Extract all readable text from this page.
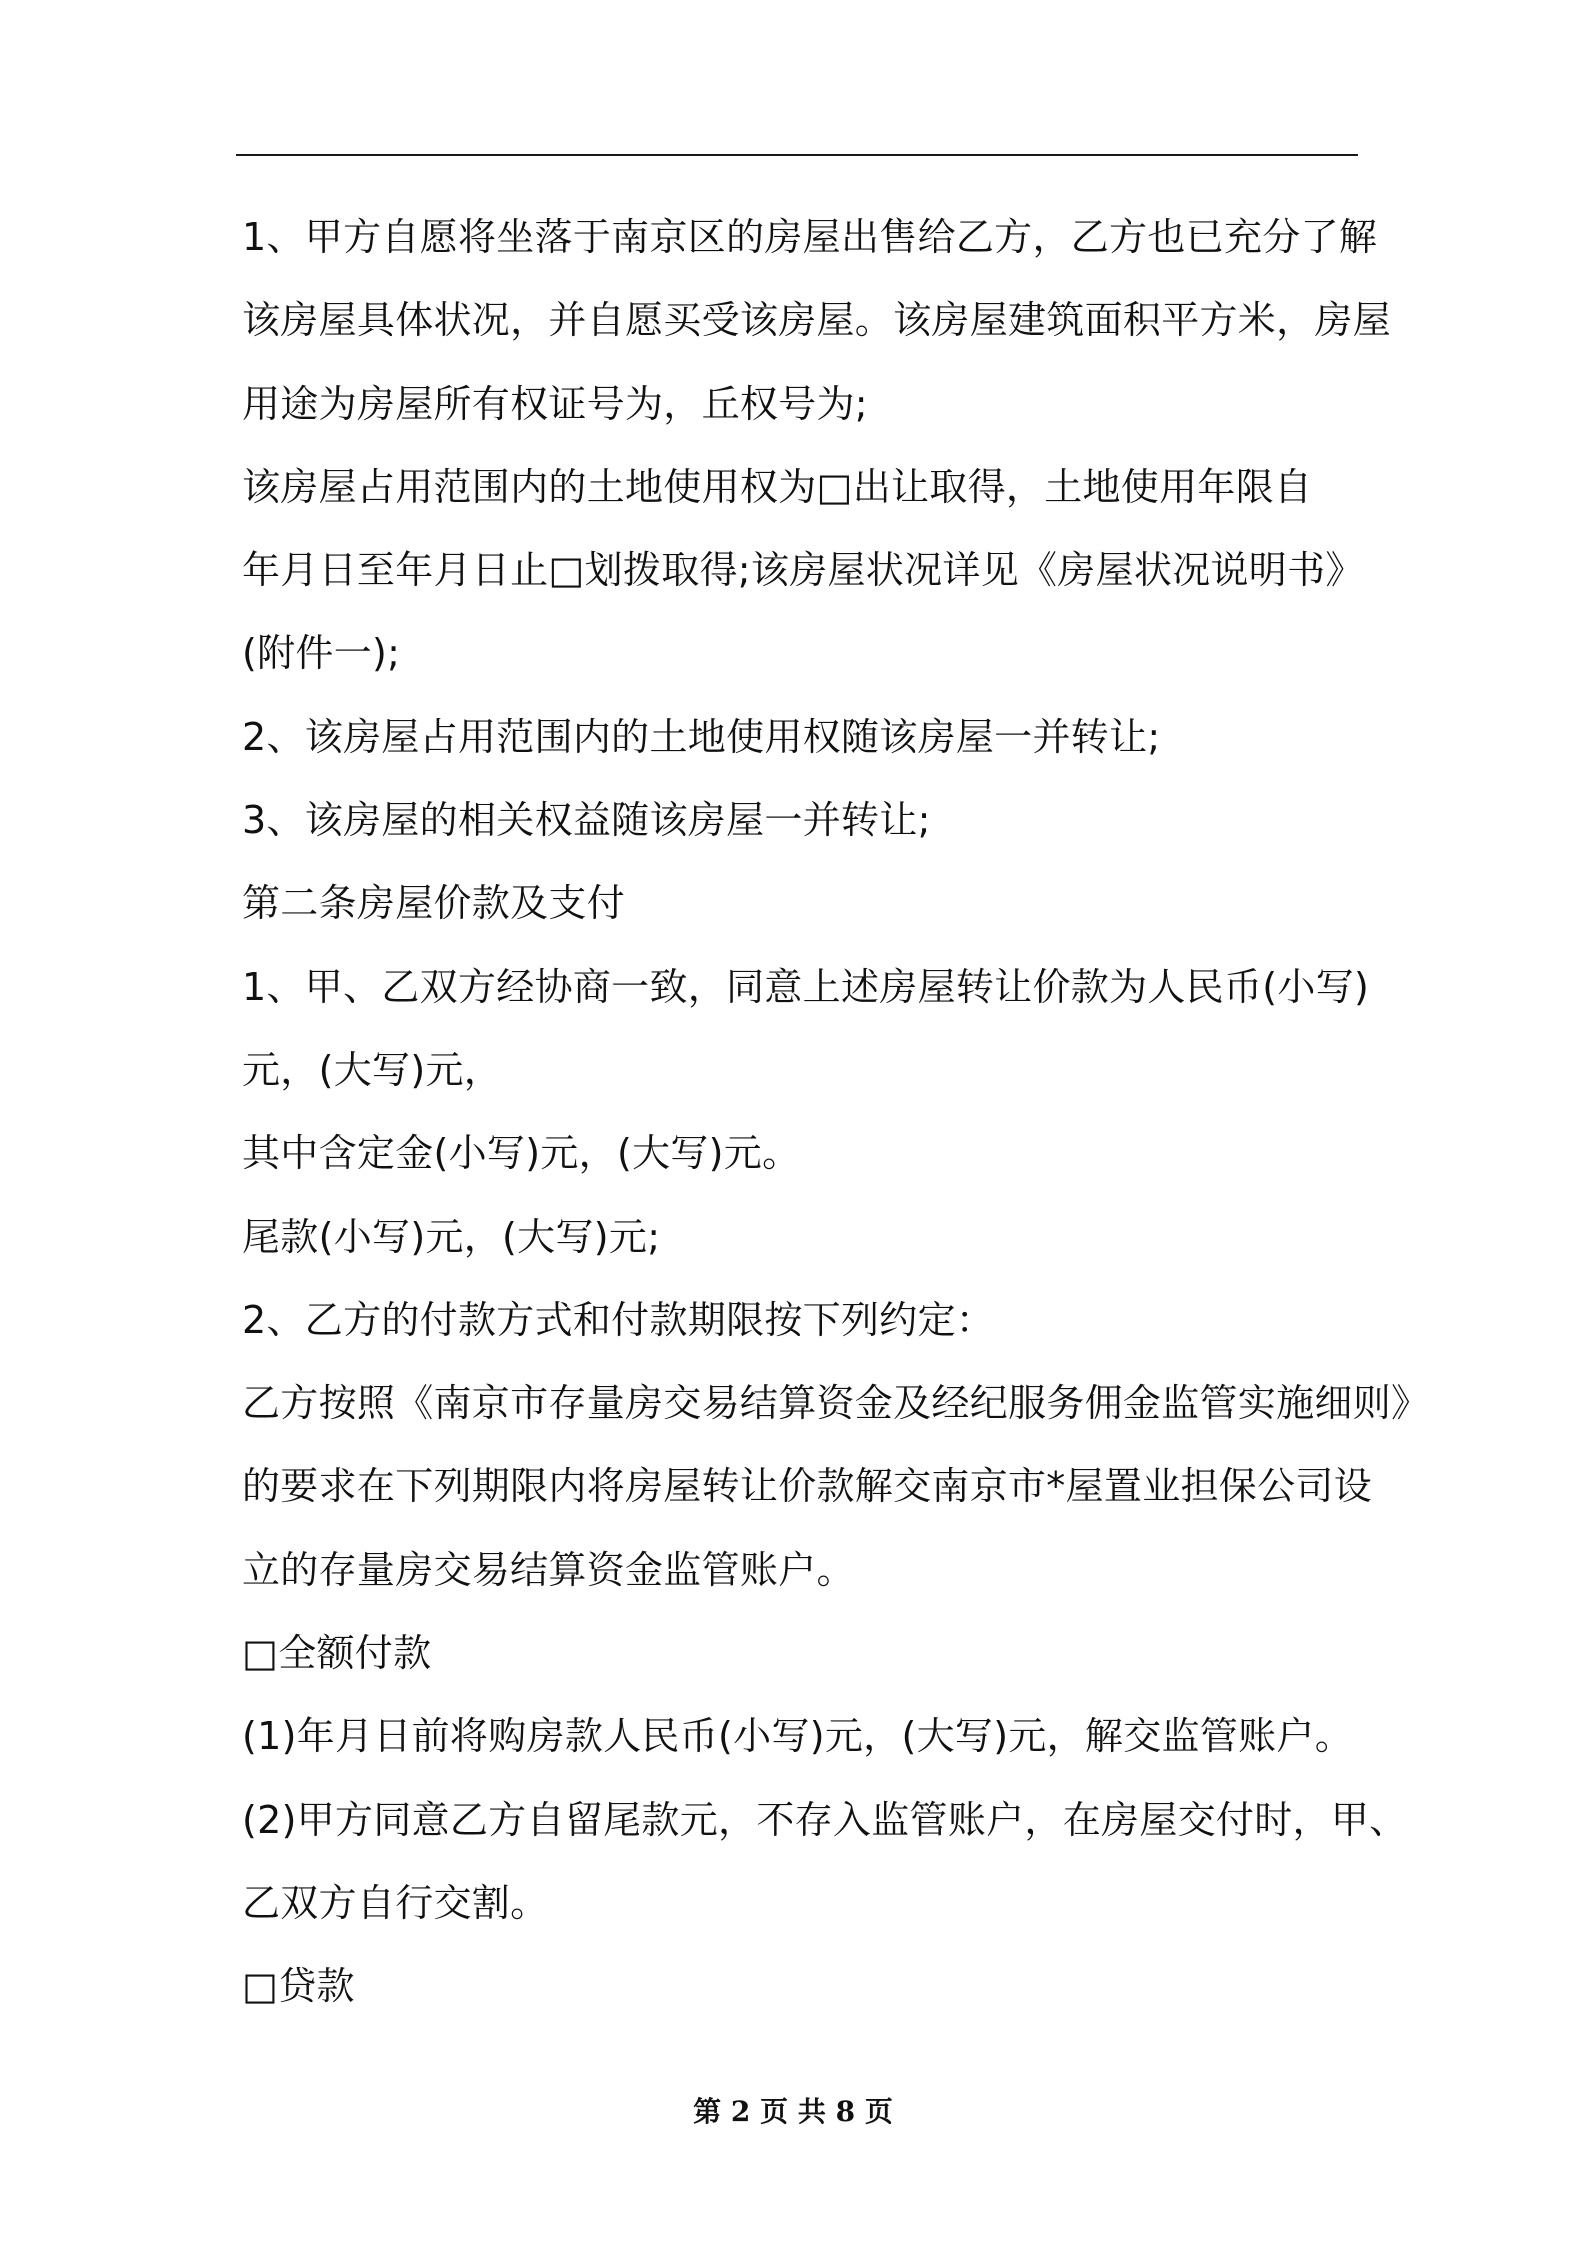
1、甲方自愿将坐落于南京区的房屋出售给乙方，乙方也已充分了解
该房屋具体状况，并自愿买受该房屋。该房屋建筑面积平方米，房屋
用途为房屋所有权证号为，丘权号为;
该房屋占用范围内的土地使用权为□出让取得，土地使用年限自
年月日至年月日止□划拨取得;该房屋状况详见《房屋状况说明书》
(附件一);
2、该房屋占用范围内的土地使用权随该房屋一并转让;
3、该房屋的相关权益随该房屋一并转让;
第二条房屋价款及支付
1、甲、乙双方经协商一致，同意上述房屋转让价款为人民币(小写)
元，(大写)元，
其中含定金(小写)元，(大写)元。
尾款(小写)元，(大写)元;
2、乙方的付款方式和付款期限按下列约定：
乙方按照《南京市存量房交易结算资金及经纪服务佣金监管实施细则》
的要求在下列期限内将房屋转让价款解交南京市*屋置业担保公司设
立的存量房交易结算资金监管账户。
□全额付款
(1)年月日前将购房款人民币(小写)元，(大写)元，解交监管账户。
(2)甲方同意乙方自留尾款元，不存入监管账户，在房屋交付时，甲、
乙双方自行交割。
□贷款
第 2 页 共 8 页
